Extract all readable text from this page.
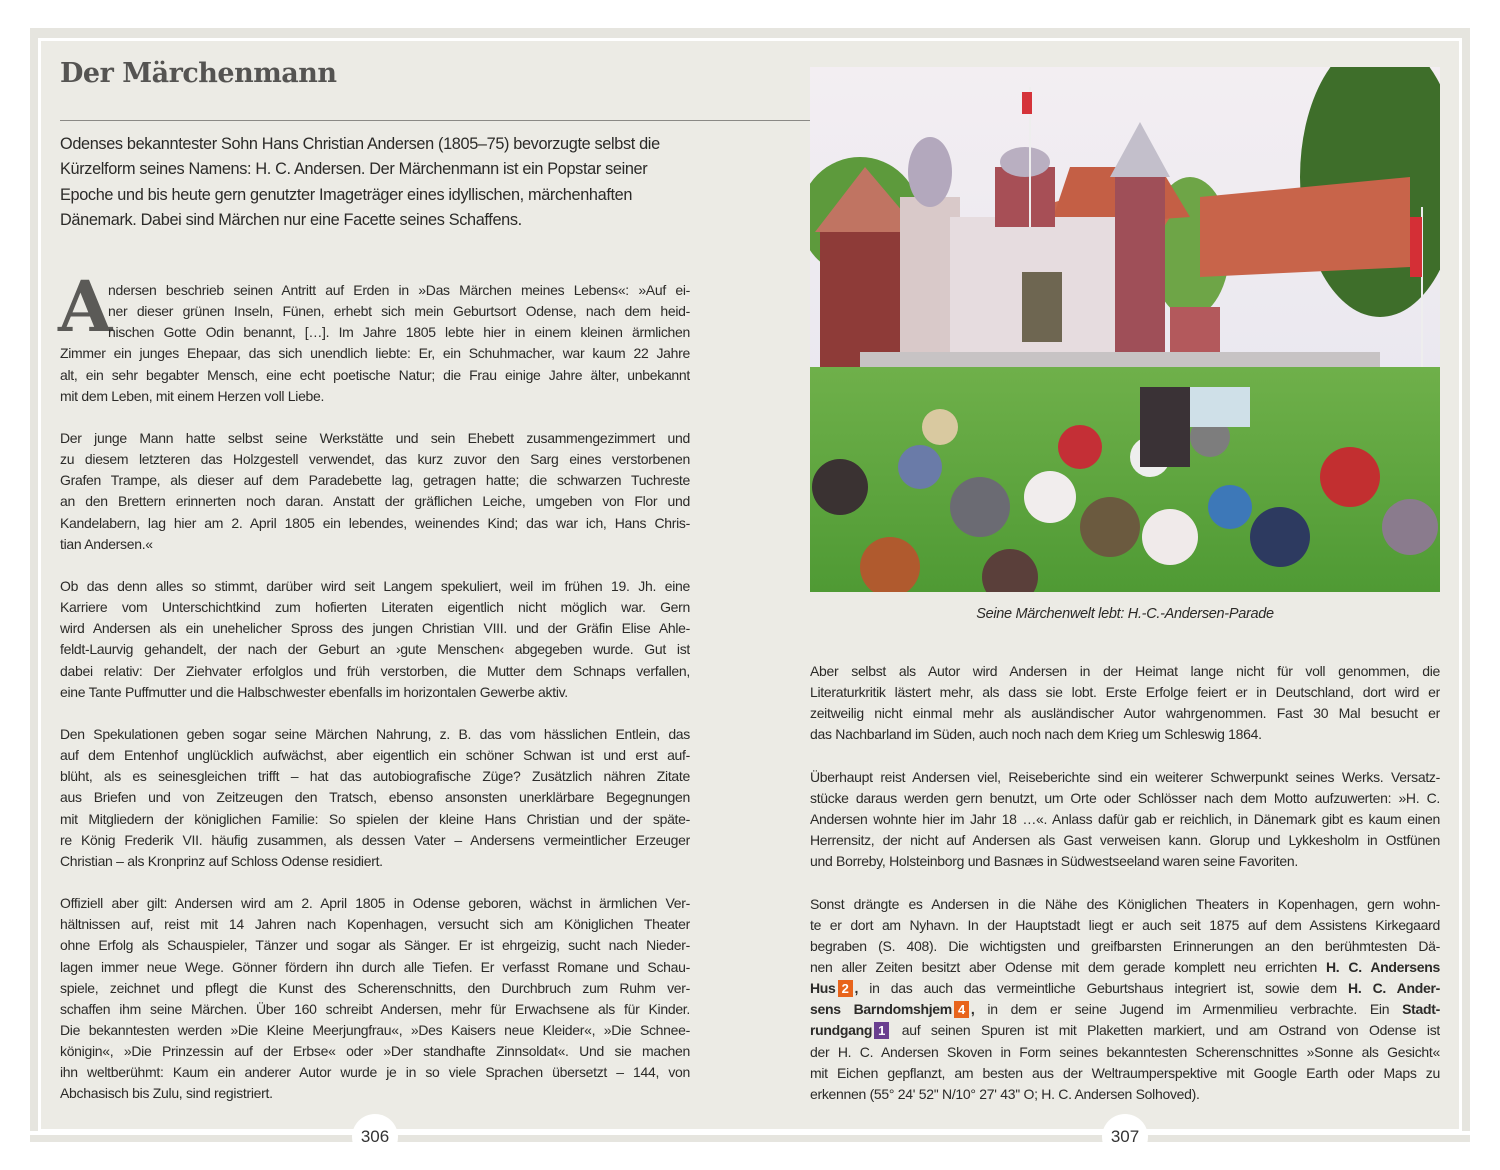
Der Märchenmann
Odenses bekanntester Sohn Hans Christian Andersen (1805–75) bevorzugte selbst die
Kürzelform seines Namens: H. C. Andersen. Der Märchenmann ist ein Popstar seiner
Epoche und bis heute gern genutzter Imageträger eines idyllischen, märchenhaften
Dänemark. Dabei sind Märchen nur eine Facette seines Schaffens.
A
ndersen beschrieb seinen Antritt auf Erden in »Das Märchen meines Lebens«: »Auf ei-
ner dieser grünen Inseln, Fünen, erhebt sich mein Geburtsort Odense, nach dem heid-
nischen Gotte Odin benannt, […]. Im Jahre 1805 lebte hier in einem kleinen ärmlichen
Zimmer ein junges Ehepaar, das sich unendlich liebte: Er, ein Schuhmacher, war kaum 22 Jahre
alt, ein sehr begabter Mensch, eine echt poetische Natur; die Frau einige Jahre älter, unbekannt
mit dem Leben, mit einem Herzen voll Liebe.
Der junge Mann hatte selbst seine Werkstätte und sein Ehebett zusammengezimmert und
zu diesem letzteren das Holzgestell verwendet, das kurz zuvor den Sarg eines verstorbenen
Grafen Trampe, als dieser auf dem Paradebette lag, getragen hatte; die schwarzen Tuchreste
an den Brettern erinnerten noch daran. Anstatt der gräflichen Leiche, umgeben von Flor und
Kandelabern, lag hier am 2. April 1805 ein lebendes, weinendes Kind; das war ich, Hans Chris-
tian Andersen.«
Ob das denn alles so stimmt, darüber wird seit Langem spekuliert, weil im frühen 19. Jh. eine
Karriere vom Unterschichtkind zum hofierten Literaten eigentlich nicht möglich war. Gern
wird Andersen als ein unehelicher Spross des jungen Christian VIII. und der Gräfin Elise Ahle-
feldt-Laurvig gehandelt, der nach der Geburt an ›gute Menschen‹ abgegeben wurde. Gut ist
dabei relativ: Der Ziehvater erfolglos und früh verstorben, die Mutter dem Schnaps verfallen,
eine Tante Puffmutter und die Halbschwester ebenfalls im horizontalen Gewerbe aktiv.
Den Spekulationen geben sogar seine Märchen Nahrung, z. B. das vom hässlichen Entlein, das
auf dem Entenhof unglücklich aufwächst, aber eigentlich ein schöner Schwan ist und erst auf-
blüht, als es seinesgleichen trifft – hat das autobiografische Züge? Zusätzlich nähren Zitate
aus Briefen und von Zeitzeugen den Tratsch, ebenso ansonsten unerklärbare Begegnungen
mit Mitgliedern der königlichen Familie: So spielen der kleine Hans Christian und der späte-
re König Frederik VII. häufig zusammen, als dessen Vater – Andersens vermeintlicher Erzeuger
Christian – als Kronprinz auf Schloss Odense residiert.
Offiziell aber gilt: Andersen wird am 2. April 1805 in Odense geboren, wächst in ärmlichen Ver-
hältnissen auf, reist mit 14 Jahren nach Kopenhagen, versucht sich am Königlichen Theater
ohne Erfolg als Schauspieler, Tänzer und sogar als Sänger. Er ist ehrgeizig, sucht nach Nieder-
lagen immer neue Wege. Gönner fördern ihn durch alle Tiefen. Er verfasst Romane und Schau-
spiele, zeichnet und pflegt die Kunst des Scherenschnitts, den Durchbruch zum Ruhm ver-
schaffen ihm seine Märchen. Über 160 schreibt Andersen, mehr für Erwachsene als für Kinder.
Die bekanntesten werden »Die Kleine Meerjungfrau«, »Des Kaisers neue Kleider«, »Die Schnee-
königin«, »Die Prinzessin auf der Erbse« oder »Der standhafte Zinnsoldat«. Und sie machen
ihn weltberühmt: Kaum ein anderer Autor wurde je in so viele Sprachen übersetzt – 144, von
Abchasisch bis Zulu, sind registriert.
Seine Märchenwelt lebt: H.-C.-Andersen-Parade
Aber selbst als Autor wird Andersen in der Heimat lange nicht für voll genommen, die
Literaturkritik lästert mehr, als dass sie lobt. Erste Erfolge feiert er in Deutschland, dort wird er
zeitweilig nicht einmal mehr als ausländischer Autor wahrgenommen. Fast 30 Mal besucht er
das Nachbarland im Süden, auch noch nach dem Krieg um Schleswig 1864.
Überhaupt reist Andersen viel, Reiseberichte sind ein weiterer Schwerpunkt seines Werks. Versatz-
stücke daraus werden gern benutzt, um Orte oder Schlösser nach dem Motto aufzuwerten: »H. C.
Andersen wohnte hier im Jahr 18 …«. Anlass dafür gab er reichlich, in Dänemark gibt es kaum einen
Herrensitz, der nicht auf Andersen als Gast verweisen kann. Glorup und Lykkesholm in Ostfünen
und Borreby, Holsteinborg und Basnæs in Südwestseeland waren seine Favoriten.
Sonst drängte es Andersen in die Nähe des Königlichen Theaters in Kopenhagen, gern wohn-
te er dort am Nyhavn. In der Hauptstadt liegt er auch seit 1875 auf dem Assistens Kirkegaard
begraben (S. 408). Die wichtigsten und greifbarsten Erinnerungen an den berühmtesten Dä-
nen aller Zeiten besitzt aber Odense mit dem gerade komplett neu errichten H. C. Andersens
Hus 2 , in das auch das vermeintliche Geburtshaus integriert ist, sowie dem H. C. Ander-
sens Barndomshjem 4 , in dem er seine Jugend im Armenmilieu verbrachte. Ein Stadt-
rundgang 1 auf seinen Spuren ist mit Plaketten markiert, und am Ostrand von Odense ist
der H. C. Andersen Skoven in Form seines bekanntesten Scherenschnittes »Sonne als Gesicht«
mit Eichen gepflanzt, am besten aus der Weltraumperspektive mit Google Earth oder Maps zu
erkennen (55° 24' 52'' N/10° 27' 43'' O; H. C. Andersen Solhoved).
306	307
